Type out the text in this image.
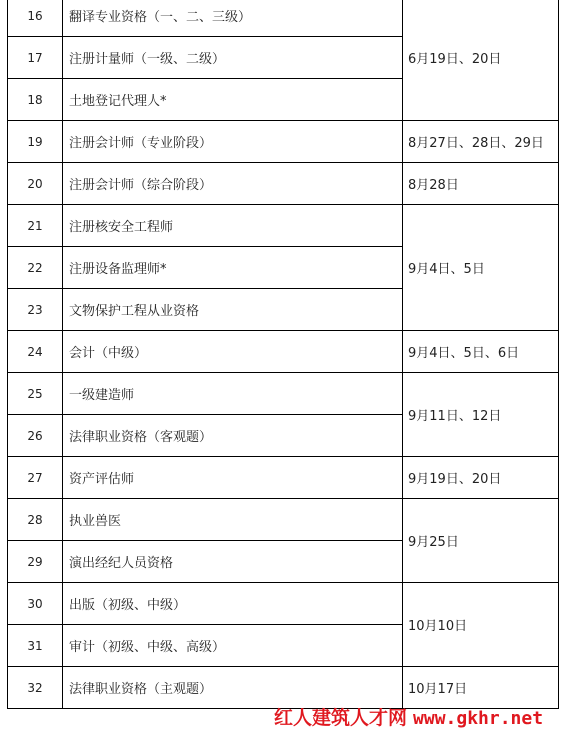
16	翻译专业资格（一、二、三级）	6月19日、20日
17	注册计量师（一级、二级）	
18	土地登记代理人*	
19	注册会计师（专业阶段）	8月27日、28日、29日
20	注册会计师（综合阶段）	8月28日
21	注册核安全工程师	9月4日、5日
22	注册设备监理师*	
23	文物保护工程从业资格	
24	会计（中级）	9月4日、5日、6日
25	一级建造师	9月11日、12日
26	法律职业资格（客观题）	
27	资产评估师	9月19日、20日
28	执业兽医	9月25日
29	演出经纪人员资格	
30	出版（初级、中级）	10月10日
31	审计（初级、中级、高级）	
32	法律职业资格（主观题）	10月17日
红人建筑人才网 www.gkhr.net
